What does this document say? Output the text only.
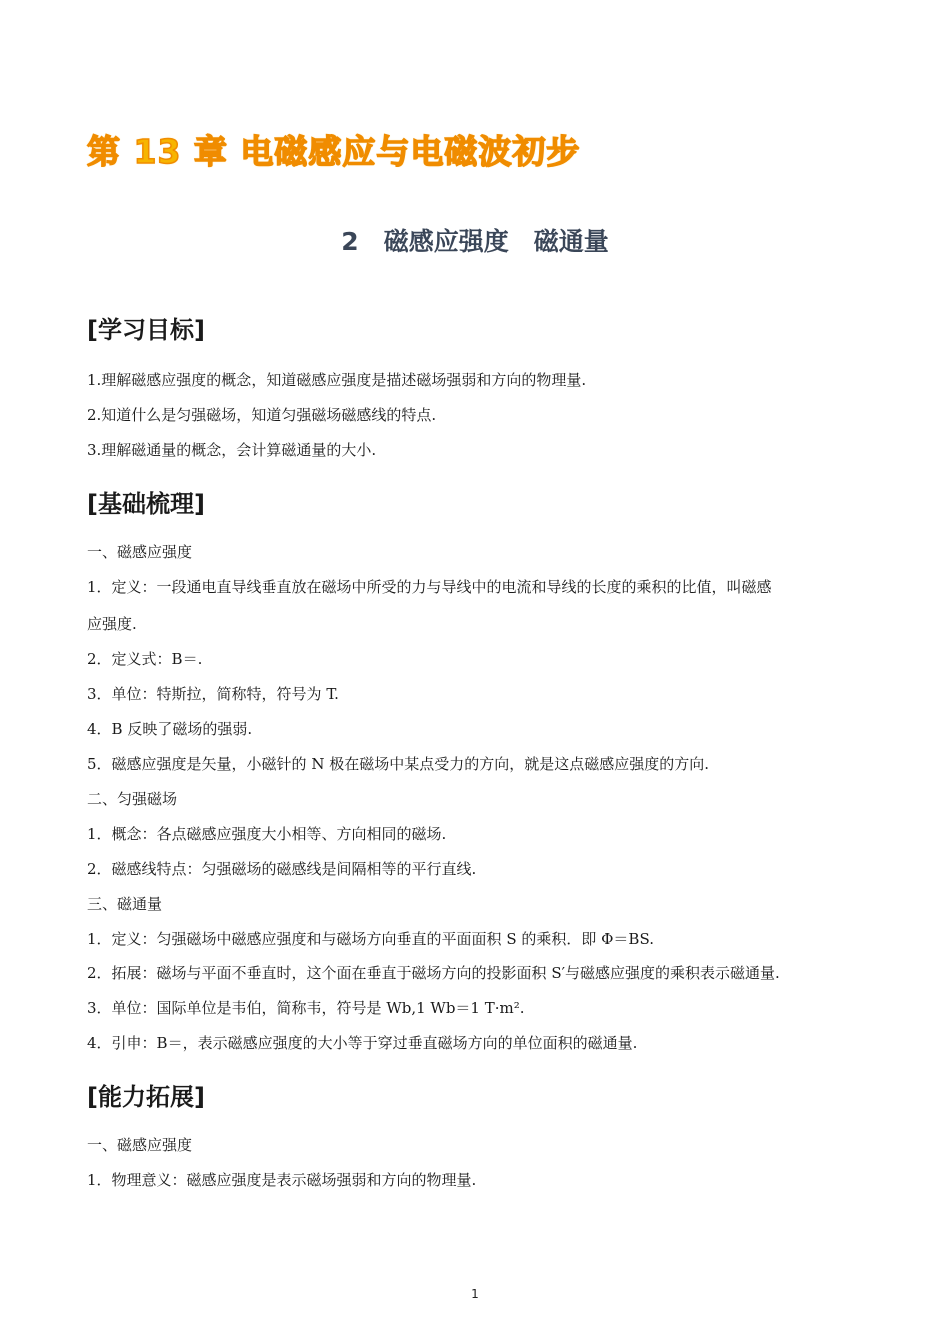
第 13 章 电磁感应与电磁波初步
2　磁感应强度　磁通量
[学习目标]
1.理解磁感应强度的概念，知道磁感应强度是描述磁场强弱和方向的物理量.
2.知道什么是匀强磁场，知道匀强磁场磁感线的特点.
3.理解磁通量的概念，会计算磁通量的大小.
[基础梳理]
一、磁感应强度
1．定义：一段通电直导线垂直放在磁场中所受的力与导线中的电流和导线的长度的乘积的比值，叫磁感
应强度.
2．定义式：B＝.
3．单位：特斯拉，简称特，符号为 T.
4．B 反映了磁场的强弱.
5．磁感应强度是矢量，小磁针的 N 极在磁场中某点受力的方向，就是这点磁感应强度的方向.
二、匀强磁场
1．概念：各点磁感应强度大小相等、方向相同的磁场.
2．磁感线特点：匀强磁场的磁感线是间隔相等的平行直线.
三、磁通量
1．定义：匀强磁场中磁感应强度和与磁场方向垂直的平面面积 S 的乘积．即 Φ＝BS.
2．拓展：磁场与平面不垂直时，这个面在垂直于磁场方向的投影面积 S′与磁感应强度的乘积表示磁通量.
3．单位：国际单位是韦伯，简称韦，符号是 Wb,1 Wb＝1 T·m².
4．引申：B＝，表示磁感应强度的大小等于穿过垂直磁场方向的单位面积的磁通量.
[能力拓展]
一、磁感应强度
1．物理意义：磁感应强度是表示磁场强弱和方向的物理量.
1
